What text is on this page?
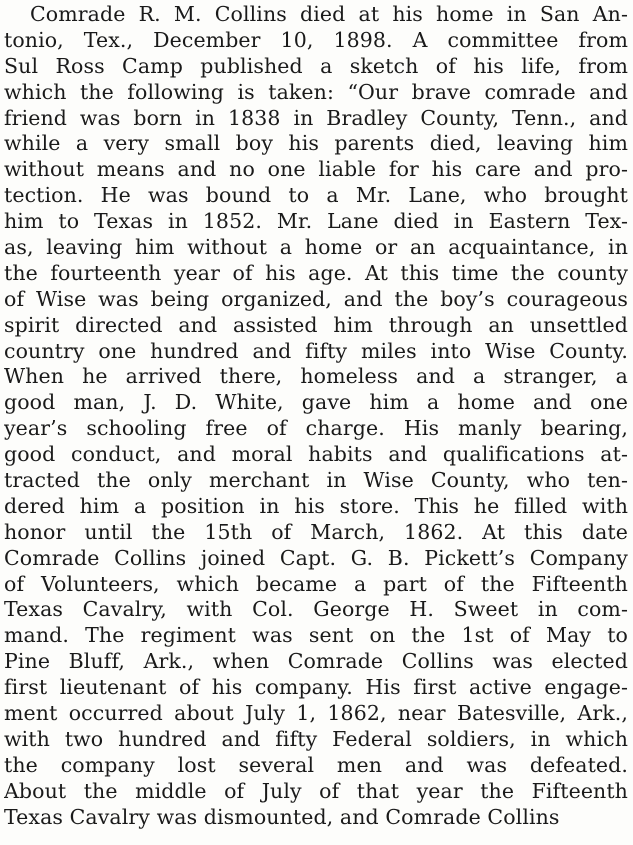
Comrade R. M. Collins died at his home in San An-
tonio, Tex., December 10, 1898. A committee from
Sul Ross Camp published a sketch of his life, from
which the following is taken: “Our brave comrade and
friend was born in 1838 in Bradley County, Tenn., and
while a very small boy his parents died, leaving him
without means and no one liable for his care and pro-
tection. He was bound to a Mr. Lane, who brought
him to Texas in 1852. Mr. Lane died in Eastern Tex-
as, leaving him without a home or an acquaintance, in
the fourteenth year of his age. At this time the county
of Wise was being organized, and the boy’s courageous
spirit directed and assisted him through an unsettled
country one hundred and fifty miles into Wise County.
When he arrived there, homeless and a stranger, a
good man, J. D. White, gave him a home and one
year’s schooling free of charge. His manly bearing,
good conduct, and moral habits and qualifications at-
tracted the only merchant in Wise County, who ten-
dered him a position in his store. This he filled with
honor until the 15th of March, 1862. At this date
Comrade Collins joined Capt. G. B. Pickett’s Company
of Volunteers, which became a part of the Fifteenth
Texas Cavalry, with Col. George H. Sweet in com-
mand. The regiment was sent on the 1st of May to
Pine Bluff, Ark., when Comrade Collins was elected
first lieutenant of his company. His first active engage-
ment occurred about July 1, 1862, near Batesville, Ark.,
with two hundred and fifty Federal soldiers, in which
the company lost several men and was defeated.
About the middle of July of that year the Fifteenth
Texas Cavalry was dismounted, and Comrade Collins
